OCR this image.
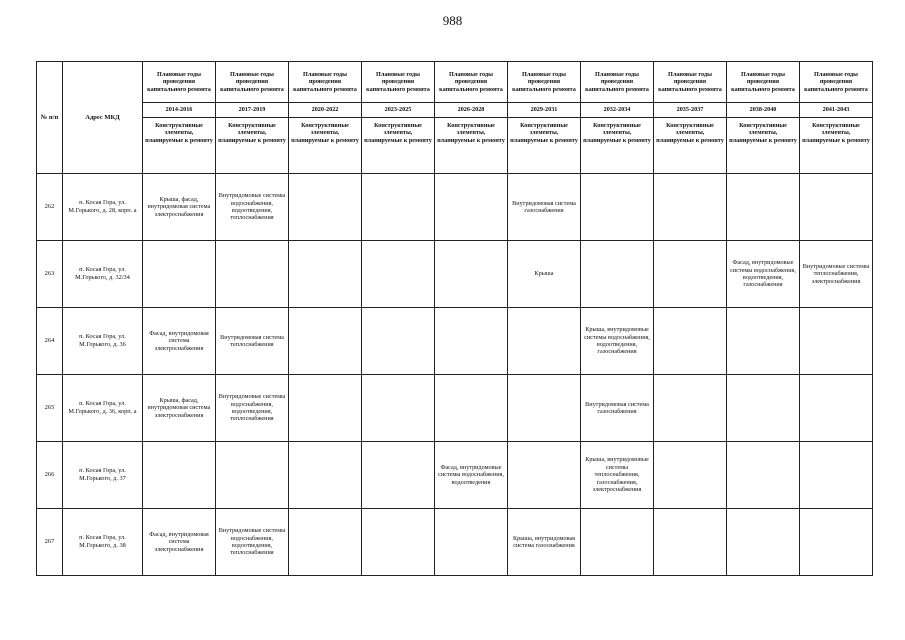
988
№ п/п	Адрес МКД	Плановые годы проведения капитального ремонта	Плановые годы проведения капитального ремонта	Плановые годы проведения капитального ремонта	Плановые годы проведения капитального ремонта	Плановые годы проведения капитального ремонта	Плановые годы проведения капитального ремонта	Плановые годы проведения капитального ремонта	Плановые годы проведения капитального ремонта	Плановые годы проведения капитального ремонта	Плановые годы проведения капитального ремонта
		2014-2016	2017-2019	2020-2022	2023-2025	2026-2028	2029-2031	2032-2034	2035-2037	2038-2040	2041-2043
		Конструктивные элементы, планируемые к ремонту	Конструктивные элементы, планируемые к ремонту	Конструктивные элементы, планируемые к ремонту	Конструктивные элементы, планируемые к ремонту	Конструктивные элементы, планируемые к ремонту	Конструктивные элементы, планируемые к ремонту	Конструктивные элементы, планируемые к ремонту	Конструктивные элементы, планируемые к ремонту	Конструктивные элементы, планируемые к ремонту	Конструктивные элементы, планируемые к ремонту
262	п. Косая Гора, ул. М.Горького, д. 28, корп. а	Крыша, фасад, внутридомовая система электроснабжения	Внутридомовые системы водоснабжения, водоотведения, теплоснабжения				Внутридомовая система газоснабжения				
263	п. Косая Гора, ул. М.Горького, д. 32/34						Крыша			Фасад, внутридомовые системы водоснабжения, водоотведения, газоснабжения	Внутридомовые системы теплоснабжения, электроснабжения
264	п. Косая Гора, ул. М.Горького, д. 36	Фасад, внутридомовая система электроснабжения	Внутридомовая система теплоснабжения					Крыша, внутридомовые системы водоснабжения, водоотведения, газоснабжения			
265	п. Косая Гора, ул. М.Горького, д. 36, корп. а	Крыша, фасад, внутридомовая система электроснабжения	Внутридомовые системы водоснабжения, водоотведения, теплоснабжения					Внутридомовая система газоснабжения			
266	п. Косая Гора, ул. М.Горького, д. 37					Фасад, внутридомовые системы водоснабжения, водоотведения		Крыша, внутридомовые системы теплоснабжения, газоснабжения, электроснабжения			
267	п. Косая Гора, ул. М.Горького, д. 38	Фасад, внутридомовая система электроснабжения	Внутридомовые системы водоснабжения, водоотведения, теплоснабжения				Крыша, внутридомовая система газоснабжения				
